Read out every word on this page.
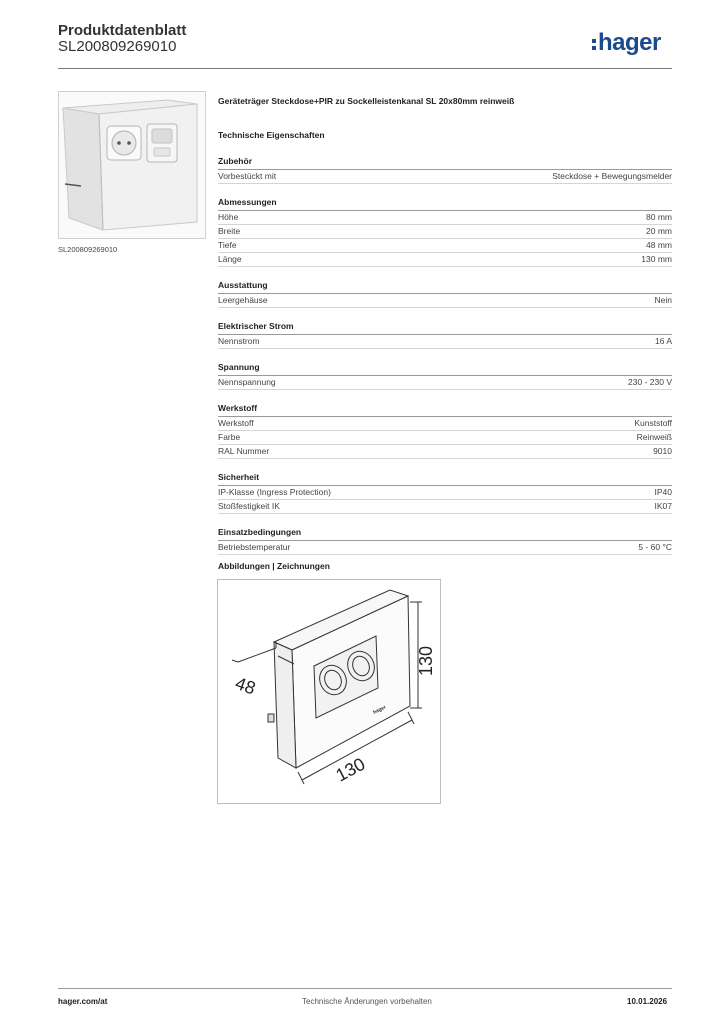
Produktdatenblatt
SL200809269010	hager
SL200809269010
Geräteträger Steckdose+PIR zu Sockelleistenkanal SL 20x80mm reinweiß
Technische Eigenschaften
Zubehör
Vorbestückt mit	Steckdose + Bewegungsmelder
Abmessungen
Höhe	80 mm
Breite	20 mm
Tiefe	48 mm
Länge	130 mm
Ausstattung
Leergehäuse	Nein
Elektrischer Strom
Nennstrom	16 A
Spannung
Nennspannung	230 - 230 V
Werkstoff
Werkstoff	Kunststoff
Farbe	Reinweiß
RAL Nummer	9010
Sicherheit
IP-Klasse (Ingress Protection)	IP40
Stoßfestigkeit IK	IK07
Einsatzbedingungen
Betriebstemperatur	5 - 60 °C
Abbildungen | Zeichnungen
48
130
130
hager
hager.com/at	Technische Änderungen vorbehalten	10.01.2026
